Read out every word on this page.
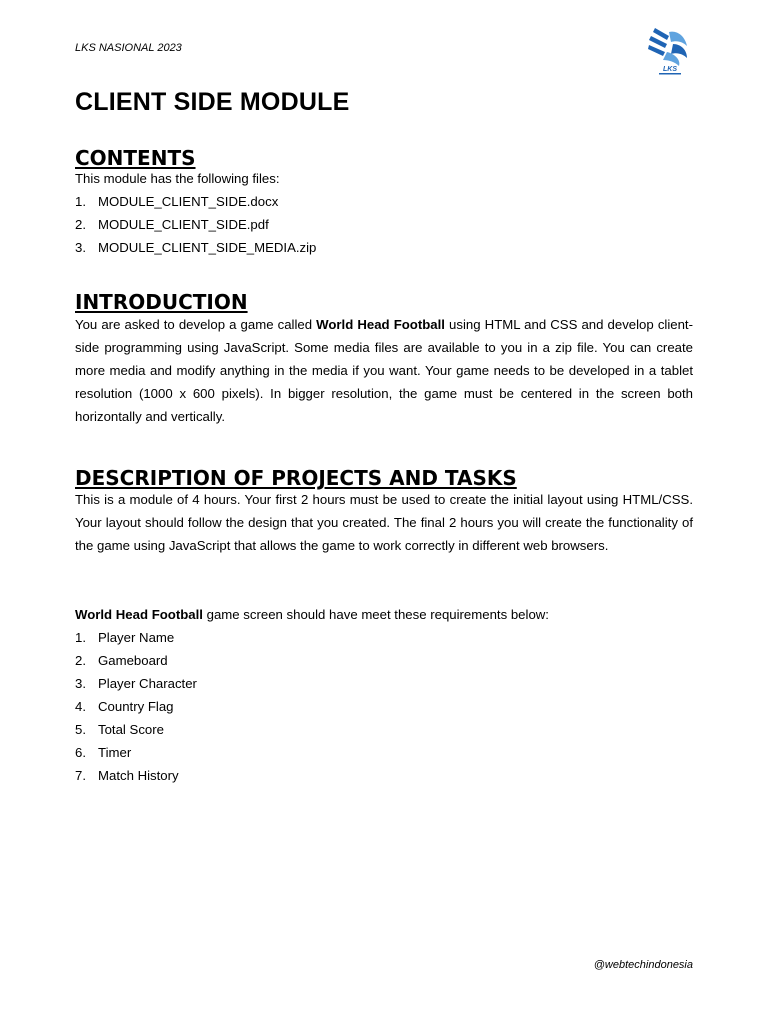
LKS NASIONAL 2023
LKS
CLIENT SIDE MODULE
CONTENTS

This module has the following files:

1. MODULE_CLIENT_SIDE.docx
2. MODULE_CLIENT_SIDE.pdf
3. MODULE_CLIENT_SIDE_MEDIA.zip
INTRODUCTION

You are asked to develop a game called World Head Football using HTML and CSS and develop client-side programming using JavaScript. Some media files are available to you in a zip file. You can create more media and modify anything in the media if you want. Your game needs to be developed in a tablet resolution (1000 x 600 pixels). In bigger resolution, the game must be centered in the screen both horizontally and vertically.

DESCRIPTION OF PROJECTS AND TASKS

This is a module of 4 hours. Your first 2 hours must be used to create the initial layout using HTML/CSS. Your layout should follow the design that you created. The final 2 hours you will create the functionality of the game using JavaScript that allows the game to work correctly in different web browsers.

World Head Football game screen should have meet these requirements below:

1. Player Name
2. Gameboard
3. Player Character
4. Country Flag
5. Total Score
6. Timer
7. Match History
@webtechindonesia
